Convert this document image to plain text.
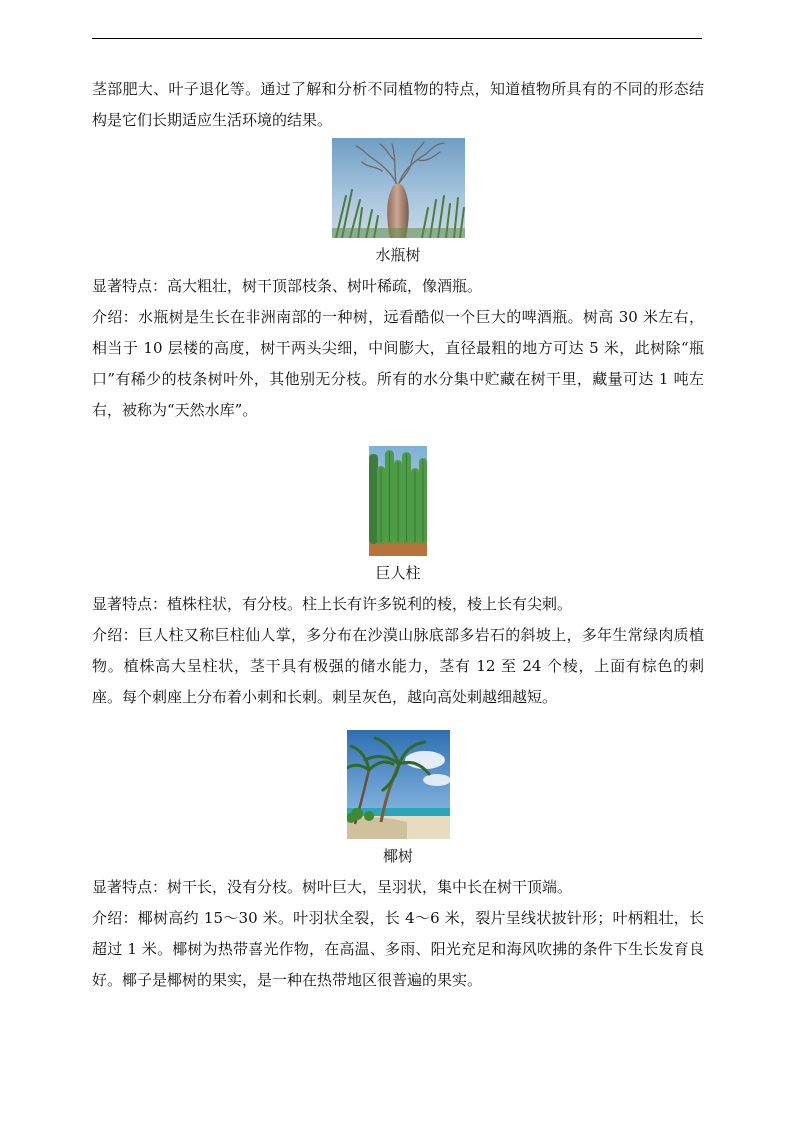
茎部肥大、叶子退化等。通过了解和分析不同植物的特点，知道植物所具有的不同的形态结构是它们长期适应生活环境的结果。

水瓶树

显著特点：高大粗壮，树干顶部枝条、树叶稀疏，像酒瓶。

介绍：水瓶树是生长在非洲南部的一种树，远看酷似一个巨大的啤酒瓶。树高 30 米左右，相当于 10 层楼的高度，树干两头尖细，中间膨大，直径最粗的地方可达 5 米，此树除“瓶口”有稀少的枝条树叶外，其他别无分枝。所有的水分集中贮藏在树干里，藏量可达 1 吨左右，被称为“天然水库”。

巨人柱

显著特点：植株柱状，有分枝。柱上长有许多锐利的棱，棱上长有尖刺。

介绍：巨人柱又称巨柱仙人掌，多分布在沙漠山脉底部多岩石的斜坡上，多年生常绿肉质植物。植株高大呈柱状，茎干具有极强的储水能力，茎有 12 至 24 个棱，上面有棕色的刺座。每个刺座上分布着小刺和长刺。刺呈灰色，越向高处刺越细越短。

椰树

显著特点：树干长，没有分枝。树叶巨大，呈羽状，集中长在树干顶端。

介绍：椰树高约 15～30 米。叶羽状全裂，长 4～6 米，裂片呈线状披针形；叶柄粗壮，长超过 1 米。椰树为热带喜光作物，在高温、多雨、阳光充足和海风吹拂的条件下生长发育良好。椰子是椰树的果实，是一种在热带地区很普遍的果实。
